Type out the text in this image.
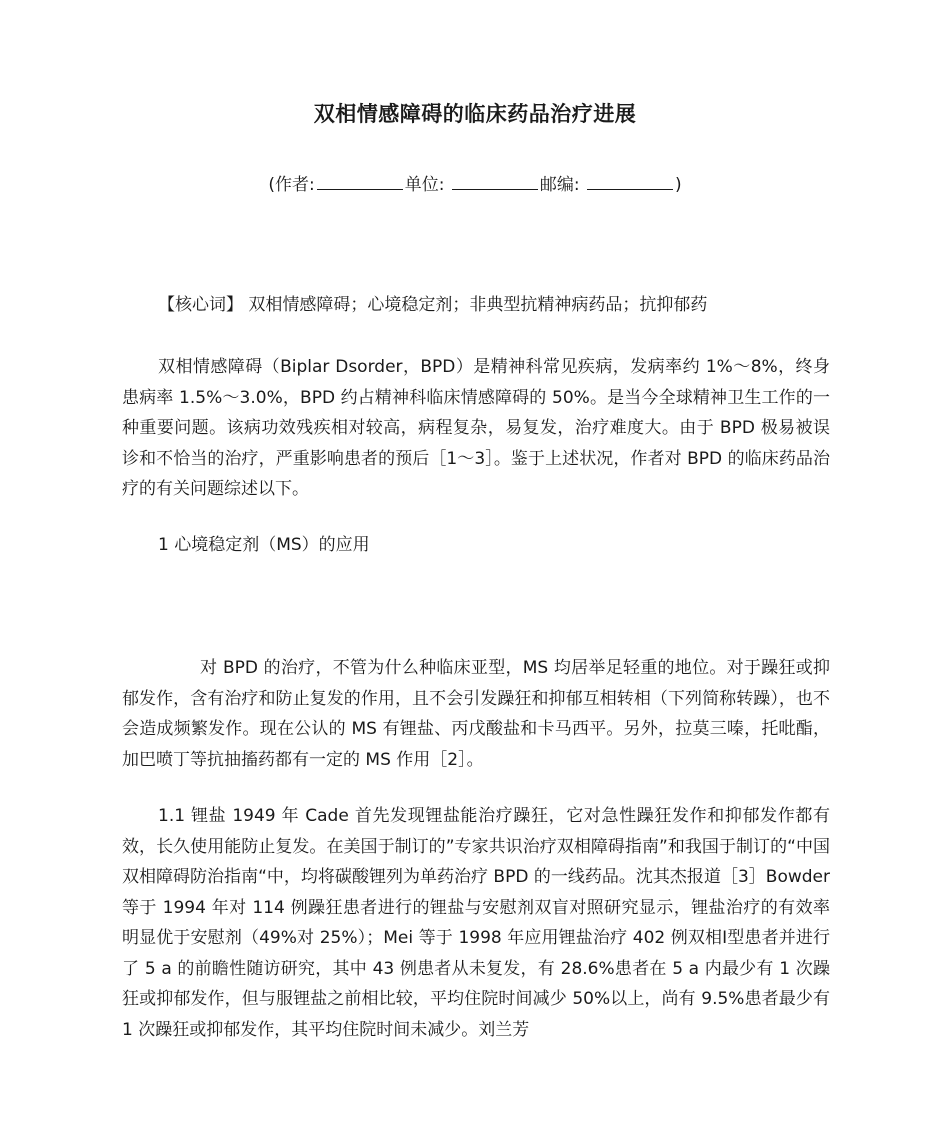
双相情感障碍的临床药品治疗进展
(作者:	单位:	邮编:	)
【核心词】 双相情感障碍；心境稳定剂；非典型抗精神病药品；抗抑郁药
双相情感障碍（Biplar Dsorder，BPD）是精神科常见疾病，发病率约 1%～8%，终身患病率 1.5%～3.0%，BPD 约占精神科临床情感障碍的 50%。是当今全球精神卫生工作的一种重要问题。该病功效残疾相对较高，病程复杂，易复发，治疗难度大。由于 BPD 极易被误诊和不恰当的治疗，严重影响患者的预后［1～3］。鉴于上述状况，作者对 BPD 的临床药品治疗的有关问题综述以下。
1 心境稳定剂（MS）的应用
对 BPD 的治疗，不管为什么种临床亚型，MS 均居举足轻重的地位。对于躁狂或抑郁发作，含有治疗和防止复发的作用，且不会引发躁狂和抑郁互相转相（下列简称转躁），也不会造成频繁发作。现在公认的 MS 有锂盐、丙戊酸盐和卡马西平。另外，拉莫三嗪，托吡酯，加巴喷丁等抗抽搐药都有一定的 MS 作用［2］。
1.1 锂盐 1949 年 Cade 首先发现锂盐能治疗躁狂，它对急性躁狂发作和抑郁发作都有效，长久使用能防止复发。在美国于制订的”专家共识治疗双相障碍指南”和我国于制订的“中国双相障碍防治指南“中，均将碳酸锂列为单药治疗 BPD 的一线药品。沈其杰报道［3］Bowder 等于 1994 年对 114 例躁狂患者进行的锂盐与安慰剂双盲对照研究显示，锂盐治疗的有效率明显优于安慰剂（49%对 25%）；Mei 等于 1998 年应用锂盐治疗 402 例双相Ⅰ型患者并进行了 5 a 的前瞻性随访研究，其中 43 例患者从未复发，有 28.6%患者在 5 a 内最少有 1 次躁狂或抑郁发作，但与服锂盐之前相比较，平均住院时间减少 50%以上，尚有 9.5%患者最少有 1 次躁狂或抑郁发作，其平均住院时间未减少。刘兰芳
